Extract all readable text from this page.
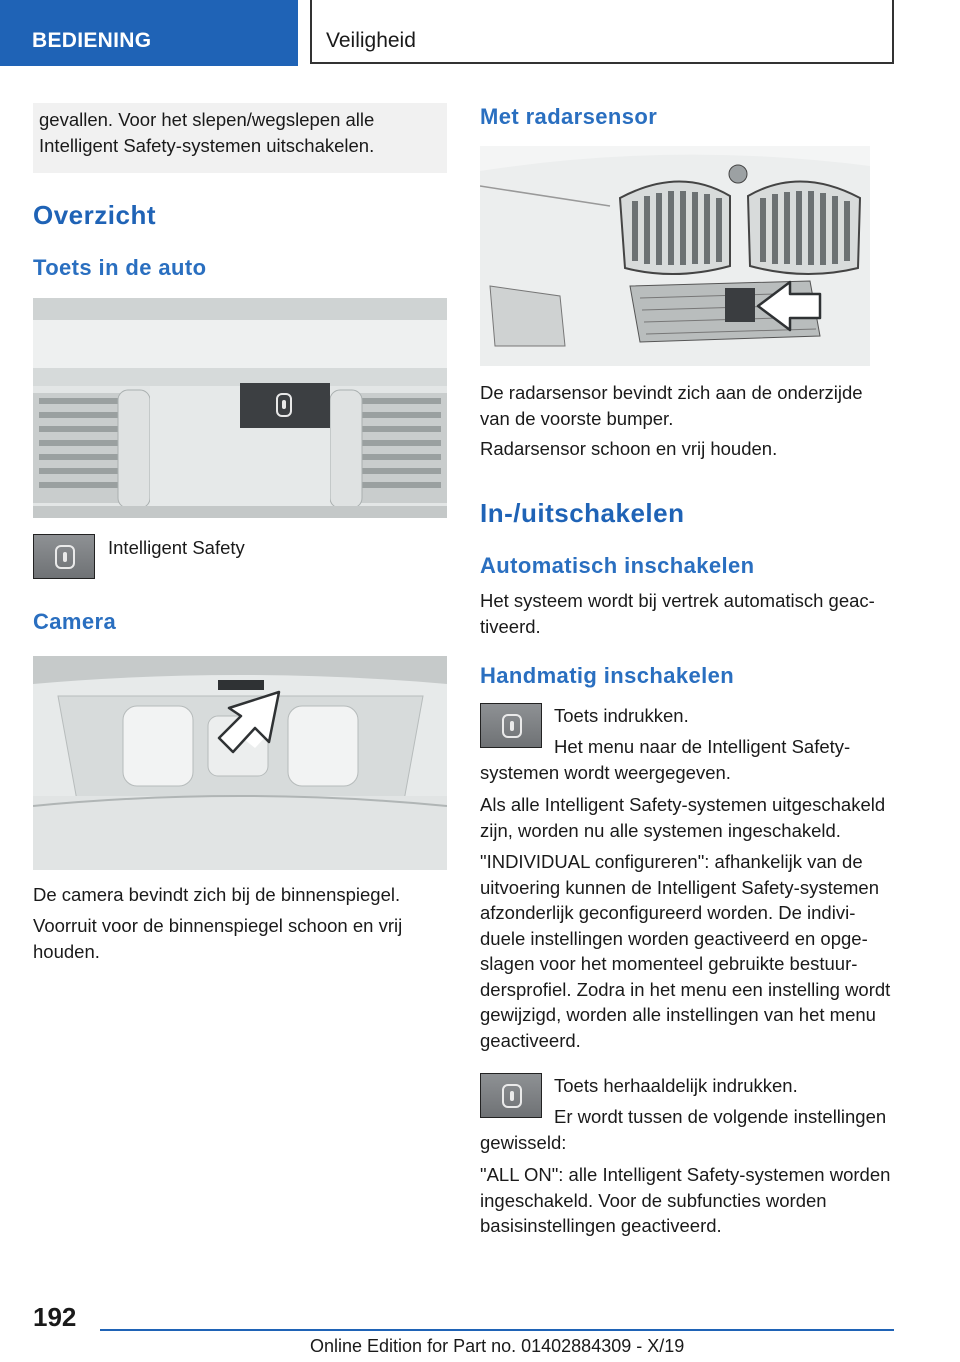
BEDIENING	Veiligheid
gevallen. Voor het slepen/wegslepen alle Intelligent Safety-systemen uitschakelen.
Overzicht
Toets in de auto
Intelligent Safety
Camera
De camera bevindt zich bij de binnenspiegel.
Voorruit voor de binnenspiegel schoon en vrij houden.
Met radarsensor
De radarsensor bevindt zich aan de onderzijde van de voorste bumper.
Radarsensor schoon en vrij houden.
In-/uitschakelen
Automatisch inschakelen
Het systeem wordt bij vertrek automatisch geactiveerd.
Handmatig inschakelen
Toets indrukken.
Het menu naar de Intelligent Safety-systemen wordt weergegeven.
Als alle Intelligent Safety-systemen uitgeschakeld zijn, worden nu alle systemen ingeschakeld.
"INDIVIDUAL configureren": afhankelijk van de uitvoering kunnen de Intelligent Safety-systemen afzonderlijk geconfigureerd worden. De individuele instellingen worden geactiveerd en opgeslagen voor het momenteel gebruikte bestuurdersprofiel. Zodra in het menu een instelling wordt gewijzigd, worden alle instellingen van het menu geactiveerd.
Toets herhaaldelijk indrukken.
Er wordt tussen de volgende instellingen gewisseld:
"ALL ON": alle Intelligent Safety-systemen worden ingeschakeld. Voor de subfuncties worden basisinstellingen geactiveerd.
192
Online Edition for Part no. 01402884309 - X/19
